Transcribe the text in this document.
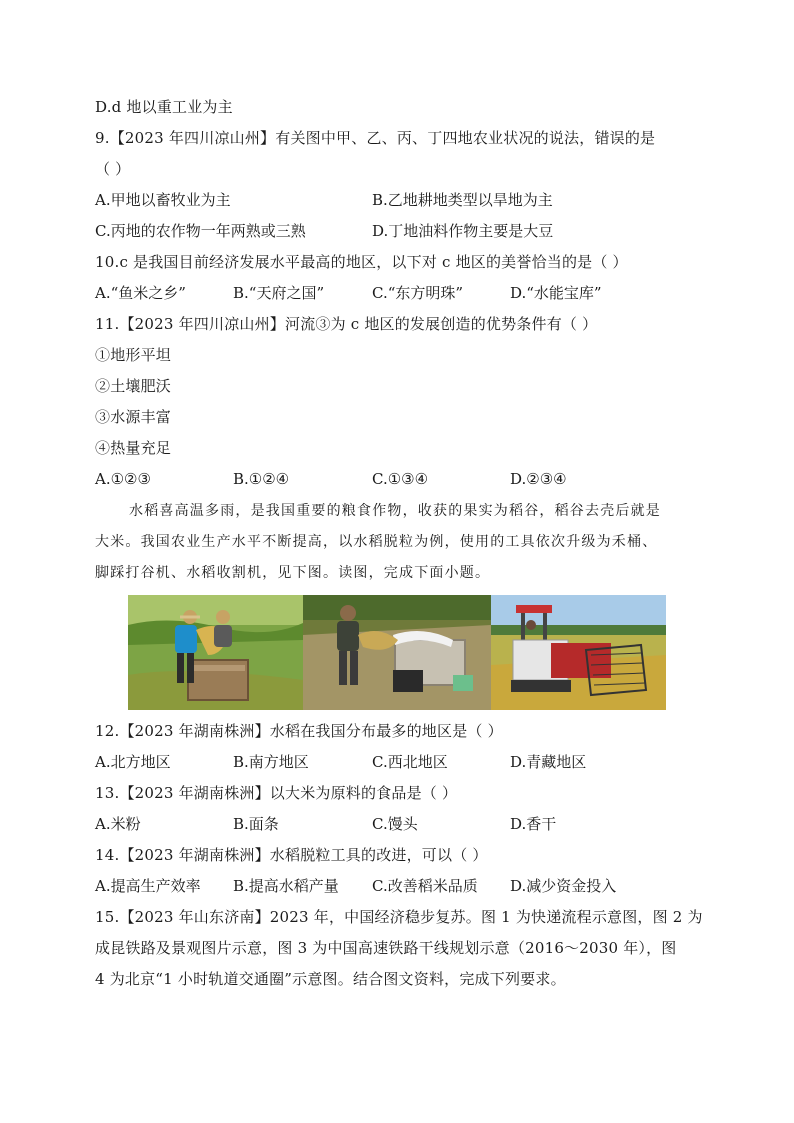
D.d 地以重工业为主
9.【2023 年四川凉山州】有关图中甲、乙、丙、丁四地农业状况的说法，错误的是
（ ）
A.甲地以畜牧业为主	B.乙地耕地类型以旱地为主
C.丙地的农作物一年两熟或三熟	D.丁地油料作物主要是大豆
10.c 是我国目前经济发展水平最高的地区，以下对 c 地区的美誉恰当的是（ ）
A.“鱼米之乡”	B.“天府之国”	C.“东方明珠”	D.“水能宝库”
11.【2023 年四川凉山州】河流③为 c 地区的发展创造的优势条件有（ ）
①地形平坦
②土壤肥沃
③水源丰富
④热量充足
A.①②③	B.①②④	C.①③④	D.②③④
水稻喜高温多雨，是我国重要的粮食作物，收获的果实为稻谷，稻谷去壳后就是
大米。我国农业生产水平不断提高，以水稻脱粒为例，使用的工具依次升级为禾桶、
脚踩打谷机、水稻收割机，见下图。读图，完成下面小题。
12.【2023 年湖南株洲】水稻在我国分布最多的地区是（ ）
A.北方地区	B.南方地区	C.西北地区	D.青藏地区
13.【2023 年湖南株洲】以大米为原料的食品是（ ）
A.米粉	B.面条	C.馒头	D.香干
14.【2023 年湖南株洲】水稻脱粒工具的改进，可以（ ）
A.提高生产效率 B.提高水稻产量 C.改善稻米品质 D.减少资金投入
15.【2023 年山东济南】2023 年，中国经济稳步复苏。图 1 为快递流程示意图，图 2 为
成昆铁路及景观图片示意，图 3 为中国高速铁路干线规划示意（2016～2030 年），图
4 为北京“1 小时轨道交通圈”示意图。结合图文资料，完成下列要求。
